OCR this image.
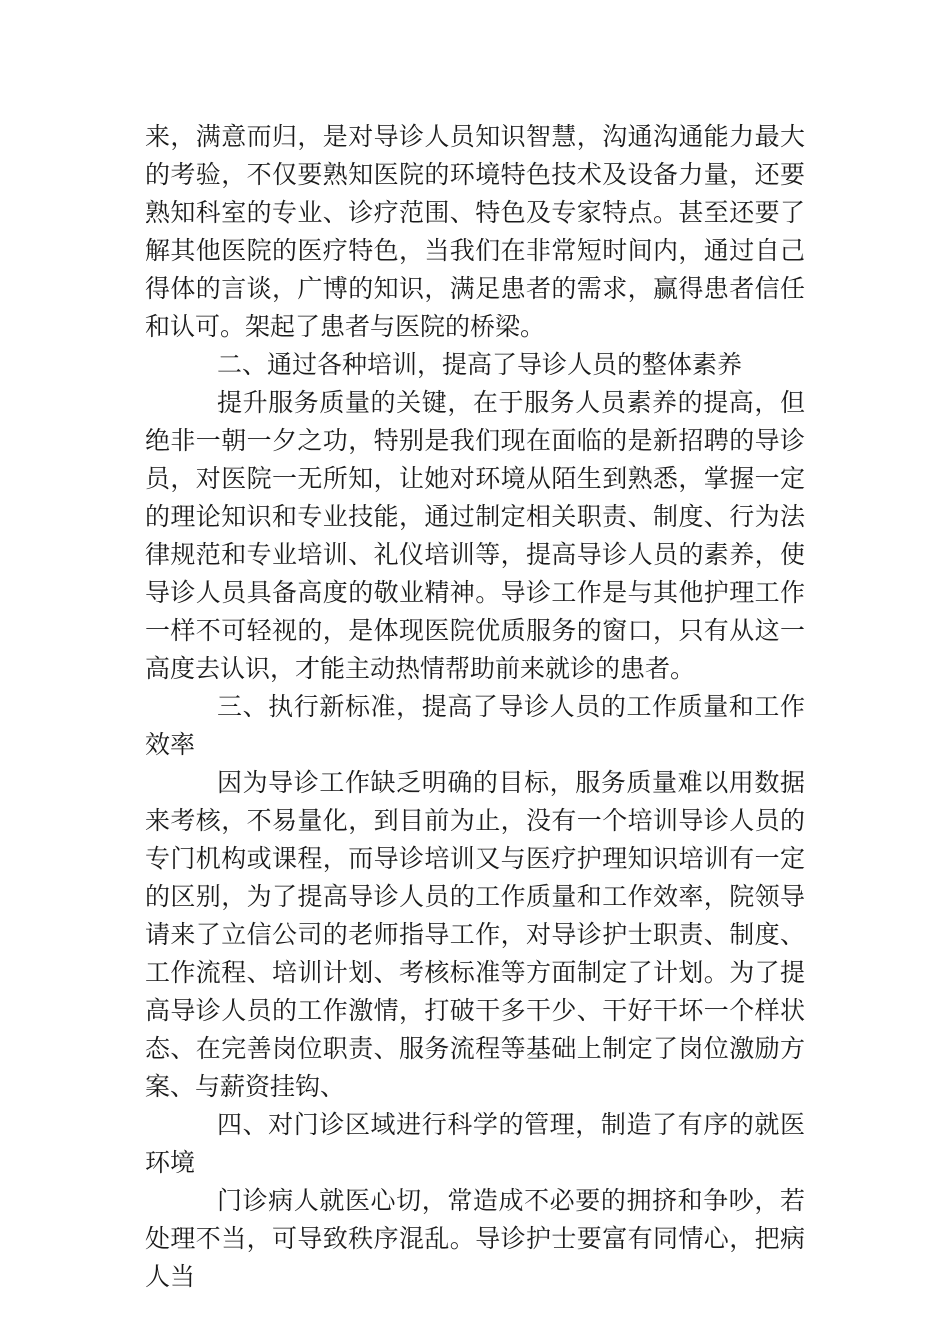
来，满意而归，是对导诊人员知识智慧，沟通沟通能力最大的考验，不仅要熟知医院的环境特色技术及设备力量，还要熟知科室的专业、诊疗范围、特色及专家特点。甚至还要了解其他医院的医疗特色，当我们在非常短时间内，通过自己得体的言谈，广博的知识，满足患者的需求，赢得患者信任和认可。架起了患者与医院的桥梁。

二、通过各种培训，提高了导诊人员的整体素养

提升服务质量的关键，在于服务人员素养的提高，但绝非一朝一夕之功，特别是我们现在面临的是新招聘的导诊员，对医院一无所知，让她对环境从陌生到熟悉，掌握一定的理论知识和专业技能，通过制定相关职责、制度、行为法律规范和专业培训、礼仪培训等，提高导诊人员的素养，使导诊人员具备高度的敬业精神。导诊工作是与其他护理工作一样不可轻视的，是体现医院优质服务的窗口，只有从这一高度去认识，才能主动热情帮助前来就诊的患者。

三、执行新标准，提高了导诊人员的工作质量和工作效率

因为导诊工作缺乏明确的目标，服务质量难以用数据来考核，不易量化，到目前为止，没有一个培训导诊人员的专门机构或课程，而导诊培训又与医疗护理知识培训有一定的区别，为了提高导诊人员的工作质量和工作效率，院领导请来了立信公司的老师指导工作，对导诊护士职责、制度、工作流程、培训计划、考核标准等方面制定了计划。为了提高导诊人员的工作激情，打破干多干少、干好干坏一个样状态、在完善岗位职责、服务流程等基础上制定了岗位激励方案、与薪资挂钩、

四、对门诊区域进行科学的管理，制造了有序的就医环境

门诊病人就医心切，常造成不必要的拥挤和争吵，若处理不当，可导致秩序混乱。导诊护士要富有同情心，把病人当
